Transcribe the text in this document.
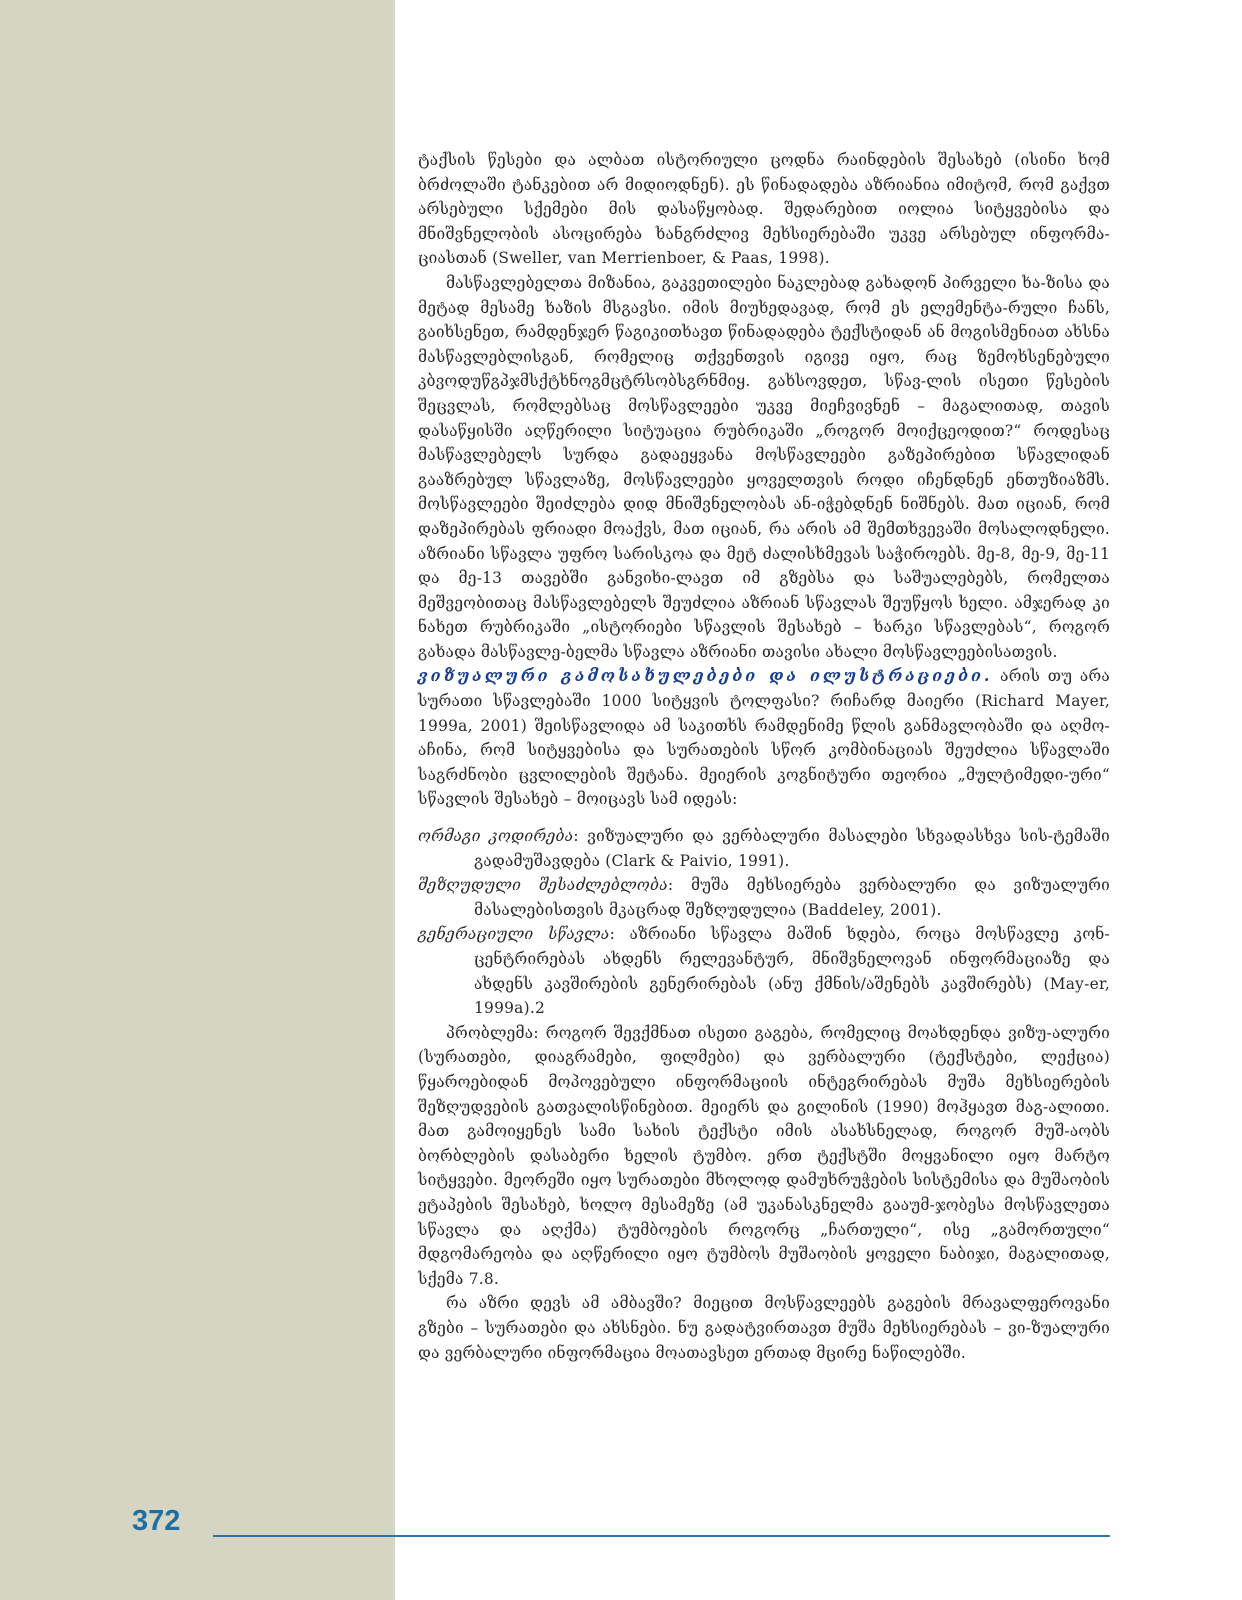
ტაქსის წესები და ალბათ ისტორიული ცოდნა რაინდების შესახებ (ისინი ხომ ბრძოლაში ტანკებით არ მიდიოდნენ). ეს წინადადება აზრიანია იმიტომ, რომ გაქვთ არსებული სქემები მის დასაწყობად. შედარებით იოლია სიტყვებისა და მნიშვნელობის ასოცირება ხანგრძლივ მეხსიერებაში უკვე არსებულ ინფორმა-ციასთან (Sweller, van Merrienboer, & Paas, 1998).

მასწავლებელთა მიზანია, გაკვეთილები ნაკლებად გახადონ პირველი ხა-ზისა და მეტად მესამე ხაზის მსგავსი. იმის მიუხედავად, რომ ეს ელემენტა-რული ჩანს, გაიხსენეთ, რამდენჯერ წაგიკითხავთ წინადადება ტექსტიდან ან მოგისმენიათ ახსნა მასწავლებლისგან, რომელიც თქვენთვის იგივე იყო, რაც ზემოხსენებული კბვოდუწგპჯმსქტხნოგმცტრსობსგრნმიყ. გახსოვდეთ, სწავ-ლის ისეთი წესების შეცვლას, რომლებსაც მოსწავლეები უკვე მიეჩვივნენ – მაგალითად, თავის დასაწყისში აღწერილი სიტუაცია რუბრიკაში „როგორ მოიქცეოდით?“ როდესაც მასწავლებელს სურდა გადაეყვანა მოსწავლეები გაზეპირებით სწავლიდან გააზრებულ სწავლაზე, მოსწავლეები ყოველთვის როდი იჩენდნენ ენთუზიაზმს. მოსწავლეები შეიძლება დიდ მნიშვნელობას ან-იჭებდნენ ნიშნებს. მათ იციან, რომ დაზეპირებას ფრიადი მოაქვს, მათ იციან, რა არის ამ შემთხვევაში მოსალოდნელი. აზრიანი სწავლა უფრო სარისკოა და მეტ ძალისხმევას საჭიროებს. მე-8, მე-9, მე-11 და მე-13 თავებში განვიხი-ლავთ იმ გზებსა და საშუალებებს, რომელთა მეშვეობითაც მასწავლებელს შეუძლია აზრიან სწავლას შეუწყოს ხელი. ამჯერად კი ნახეთ რუბრიკაში „ისტორიები სწავლის შესახებ – ხარკი სწავლებას“, როგორ გახადა მასწავლე-ბელმა სწავლა აზრიანი თავისი ახალი მოსწავლეებისათვის.

ვიზუალური გამოსახულებები და ილუსტრაციები. არის თუ არა სურათი სწავლებაში 1000 სიტყვის ტოლფასი? რიჩარდ მაიერი (Richard Mayer, 1999a, 2001) შეისწავლიდა ამ საკითხს რამდენიმე წლის განმავლობაში და აღმო-აჩინა, რომ სიტყვებისა და სურათების სწორ კომბინაციას შეუძლია სწავლაში საგრძნობი ცვლილების შეტანა. მეიერის კოგნიტური თეორია „მულტიმედი-ური“ სწავლის შესახებ – მოიცავს სამ იდეას:

ორმაგი კოდირება: ვიზუალური და ვერბალური მასალები სხვადასხვა სის-ტემაში გადამუშავდება (Clark & Paivio, 1991).

შეზღუდული შესაძლებლობა: მუშა მეხსიერება ვერბალური და ვიზუალური მასალებისთვის მკაცრად შეზღუდულია (Baddeley, 2001).

გენერაციული სწავლა: აზრიანი სწავლა მაშინ ხდება, როცა მოსწავლე კონ-ცენტრირებას ახდენს რელევანტურ, მნიშვნელოვან ინფორმაციაზე და ახდენს კავშირების გენერირებას (ანუ ქმნის/აშენებს კავშირებს) (May-er, 1999a).2

პრობლემა: როგორ შევქმნათ ისეთი გაგება, რომელიც მოახდენდა ვიზუ-ალური (სურათები, დიაგრამები, ფილმები) და ვერბალური (ტექსტები, ლექცია) წყაროებიდან მოპოვებული ინფორმაციის ინტეგრირებას მუშა მეხსიერების შეზღუდვების გათვალისწინებით. მეიერს და გილინის (1990) მოჰყავთ მაგ-ალითი. მათ გამოიყენეს სამი სახის ტექსტი იმის ასახსნელად, როგორ მუშ-აობს ბორბლების დასაბერი ხელის ტუმბო. ერთ ტექსტში მოყვანილი იყო მარტო სიტყვები. მეორეში იყო სურათები მხოლოდ დამუხრუჭების სისტემისა და მუშაობის ეტაპების შესახებ, ხოლო მესამეზე (ამ უკანასკნელმა გააუმ-ჯობესა მოსწავლეთა სწავლა და აღქმა) ტუმბოების როგორც „ჩართული“, ისე „გამორთული“ მდგომარეობა და აღწერილი იყო ტუმბოს მუშაობის ყოველი ნაბიჯი, მაგალითად, სქემა 7.8.

რა აზრი დევს ამ ამბავში? მიეცით მოსწავლეებს გაგების მრავალფეროვანი გზები – სურათები და ახსნები. ნუ გადატვირთავთ მუშა მეხსიერებას – ვი-ზუალური და ვერბალური ინფორმაცია მოათავსეთ ერთად მცირე ნაწილებში.

372
